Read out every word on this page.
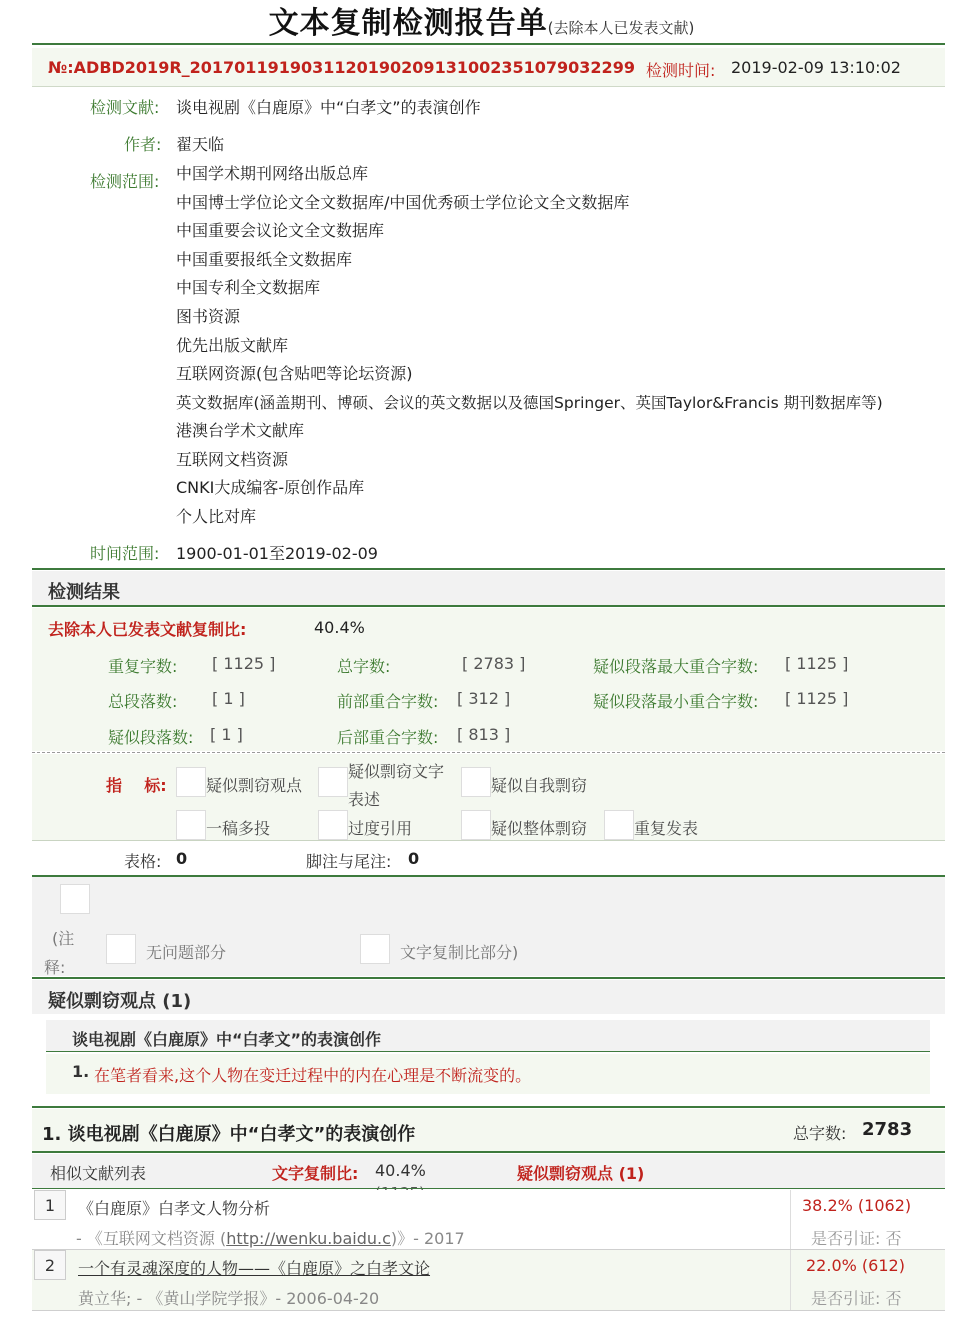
文本复制检测报告单(去除本人已发表文献)
№:ADBD2019R_2017011919031120190209131002351079032299 检测时间: 2019-02-09 13:10:02
检测文献: 谈电视剧《白鹿原》中“白孝文”的表演创作
作者: 翟天临
检测范围: 中国学术期刊网络出版总库
中国博士学位论文全文数据库/中国优秀硕士学位论文全文数据库
中国重要会议论文全文数据库
中国重要报纸全文数据库
中国专利全文数据库
图书资源
优先出版文献库
互联网资源(包含贴吧等论坛资源)
英文数据库(涵盖期刊、博硕、会议的英文数据以及德国Springer、英国Taylor&Francis 期刊数据库等)
港澳台学术文献库
互联网文档资源
CNKI大成编客-原创作品库
个人比对库
时间范围: 1900-01-01至2019-02-09
检测结果
去除本人已发表文献复制比:	40.4%
重复字数: [ 1125 ]	总字数:	[ 2783 ]	疑似段落最大重合字数: [ 1125 ]
总段落数: [ 1 ]	前部重合字数: [ 312 ]	疑似段落最小重合字数: [ 1125 ]
疑似段落数: [ 1 ]	后部重合字数: [ 813 ]
指    标: 疑似剽窃观点
疑似剽窃文字
表述
疑似自我剽窃
一稿多投	过度引用	疑似整体剽窃	重复发表
表格: 0	脚注与尾注: 0
(注
释:
无问题部分	文字复制比部分)
疑似剽窃观点 (1)
谈电视剧《白鹿原》中“白孝文”的表演创作
1. 在笔者看来,这个人物在变迁过程中的内在心理是不断流变的。
1. 谈电视剧《白鹿原》中“白孝文”的表演创作	总字数: 2783
相似文献列表	文字复制比: 40.4%	疑似剽窃观点 (1)
1	《白鹿原》白孝文人物分析
- 《互联网文档资源 (http://wenku.baidu.c)》- 2017
38.2% (1062)
是否引证: 否
2	一个有灵魂深度的人物——《白鹿原》之白孝文论
黄立华; - 《黄山学院学报》- 2006-04-20
22.0% (612)
是否引证: 否
